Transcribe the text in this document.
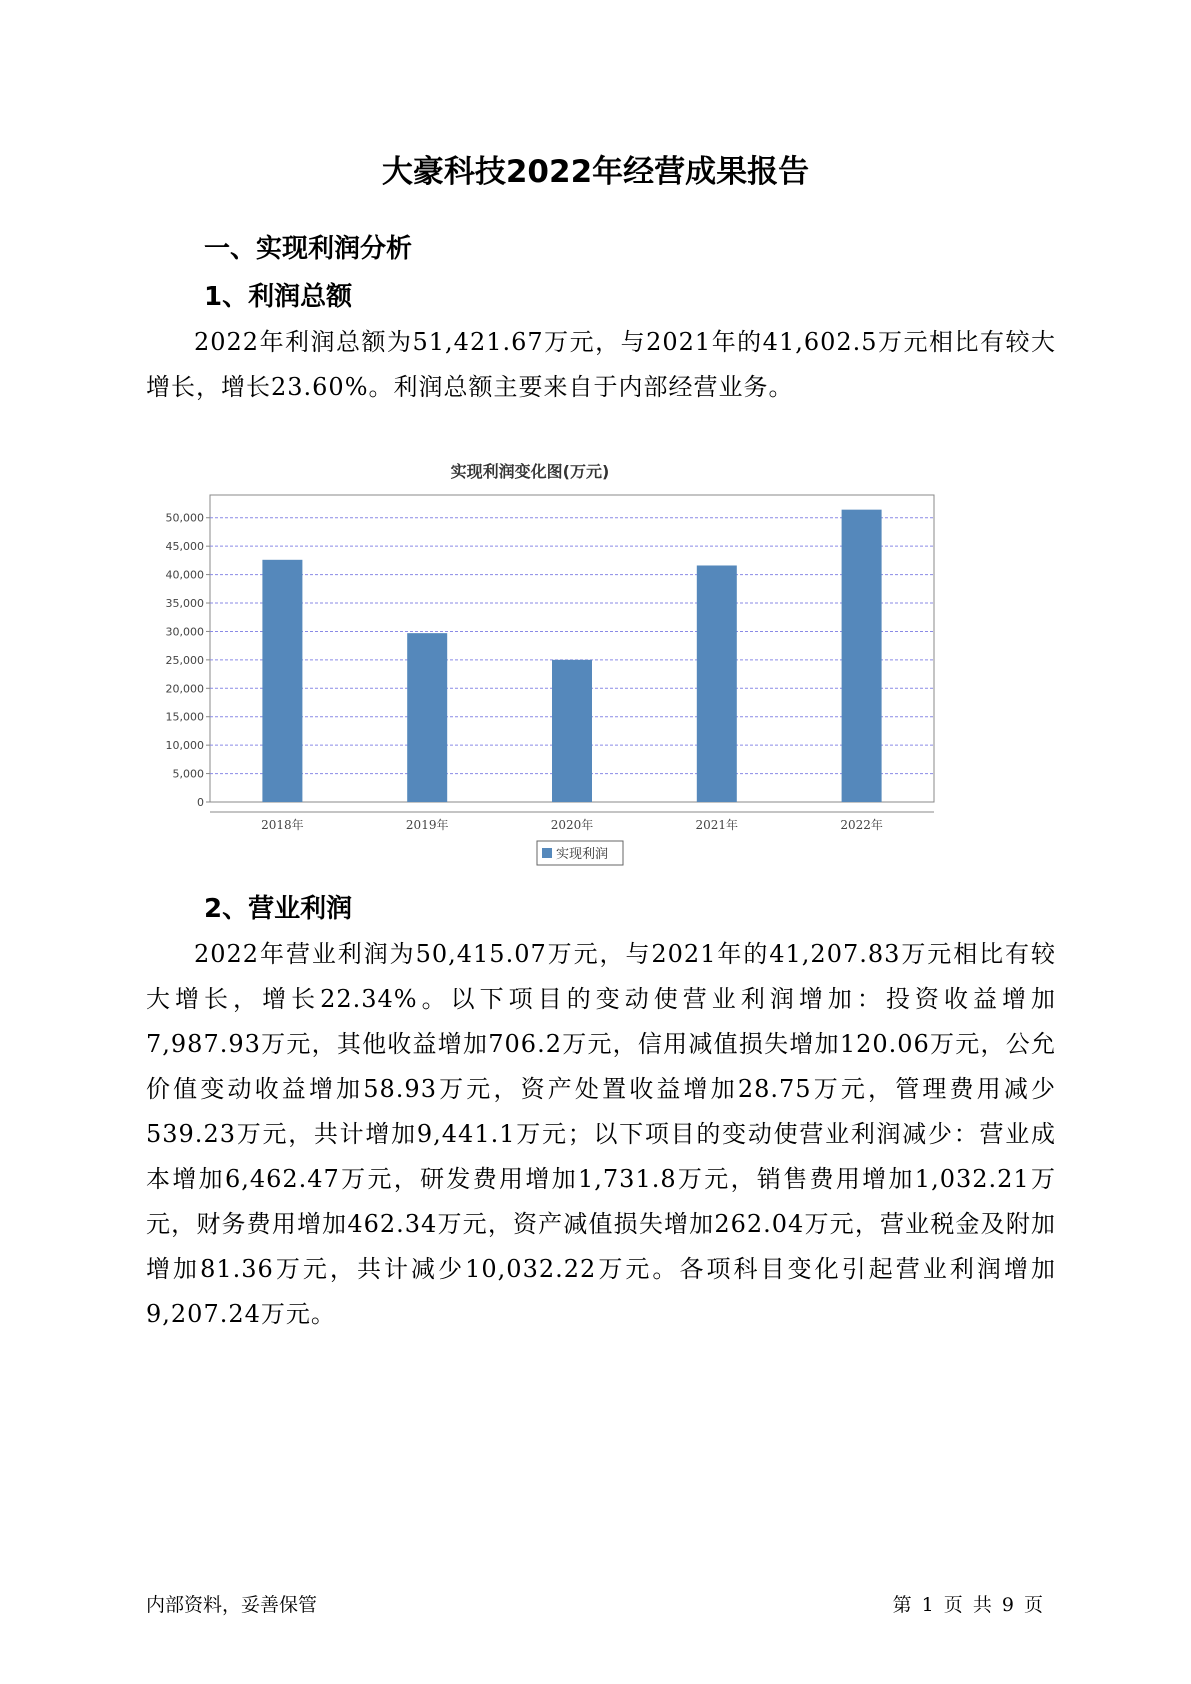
大豪科技2022年经营成果报告
一、实现利润分析
1、利润总额

2022年利润总额为51,421.67万元，与2021年的41,602.5万元相比有较大增长，增长23.60%。利润总额主要来自于内部经营业务。

实现利润变化图(万元)
0
5,000
10,000
15,000
20,000
25,000
30,000
35,000
40,000
45,000
50,000
2018年	2019年	2020年	2021年	2022年
实现利润
2、营业利润

2022年营业利润为50,415.07万元，与2021年的41,207.83万元相比有较大增长，增长22.34%。以下项目的变动使营业利润增加：投资收益增加7,987.93万元，其他收益增加706.2万元，信用减值损失增加120.06万元，公允价值变动收益增加58.93万元，资产处置收益增加28.75万元，管理费用减少539.23万元，共计增加9,441.1万元；以下项目的变动使营业利润减少：营业成本增加6,462.47万元，研发费用增加1,731.8万元，销售费用增加1,032.21万元，财务费用增加462.34万元，资产减值损失增加262.04万元，营业税金及附加增加81.36万元，共计减少10,032.22万元。各项科目变化引起营业利润增加9,207.24万元。

内部资料，妥善保管	第 1 页 共 9 页
